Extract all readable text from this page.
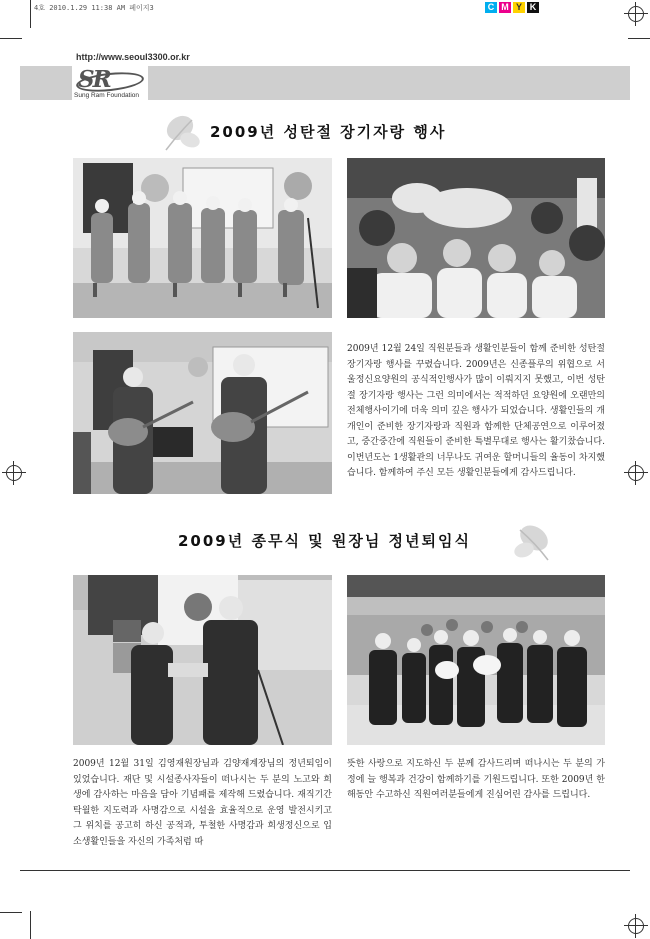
4호 2010.1.29 11:38 AM 페이지3	C M Y K
http://www.seoul3300.or.kr
SR
Sung Ram Foundation
2009년 성탄절 장기자랑 행사
2009년 12월 24일 직원분들과 생활인분들이 함께 준비한 성탄절 장기자랑 행사를 꾸렸습니다. 2009년은 신종플루의 위협으로 서울정신요양원의 공식적인행사가 많이 이뤄지지 못했고, 이번 성탄절 장기자랑 행사는 그런 의미에서는 적적하던 요양원에 오랜만의 전체행사이기에 더욱 의미 깊은 행사가 되었습니다. 생활인들의 개개인이 준비한 장기자랑과 직원과 함께한 단체공연으로 이루어졌고, 중간중간에 직원들이 준비한 특별무대로 행사는 활기찼습니다. 이번년도는 1생활관의 너무나도 귀여운 할머니들의 율동이 차지했습니다. 함께하여 주신 모든 생활인분들에게 감사드립니다.
2009년 종무식 및 원장님 정년퇴임식
2009년 12월 31일 김영재원장님과 김양재계장님의 정년퇴임이 있었습니다. 재단 및 시설종사자들이 떠나시는 두 분의 노고와 희생에 감사하는 마음을 담아 기념패를 제작해 드렸습니다. 재직기간 탁월한 지도력과 사명감으로 시설을 효율적으로 운영 발전시키고 그 위치를 공고히 하신 공적과, 투철한 사명감과 희생정신으로 입소생활인들을 자신의 가족처럼 따
뜻한 사랑으로 지도하신 두 분께 감사드리며 떠나시는 두 분의 가정에 늘 행복과 건강이 함께하기를 기원드립니다. 또한 2009년 한해동안 수고하신 직원여러분들에게 진심어린 감사를 드립니다.
